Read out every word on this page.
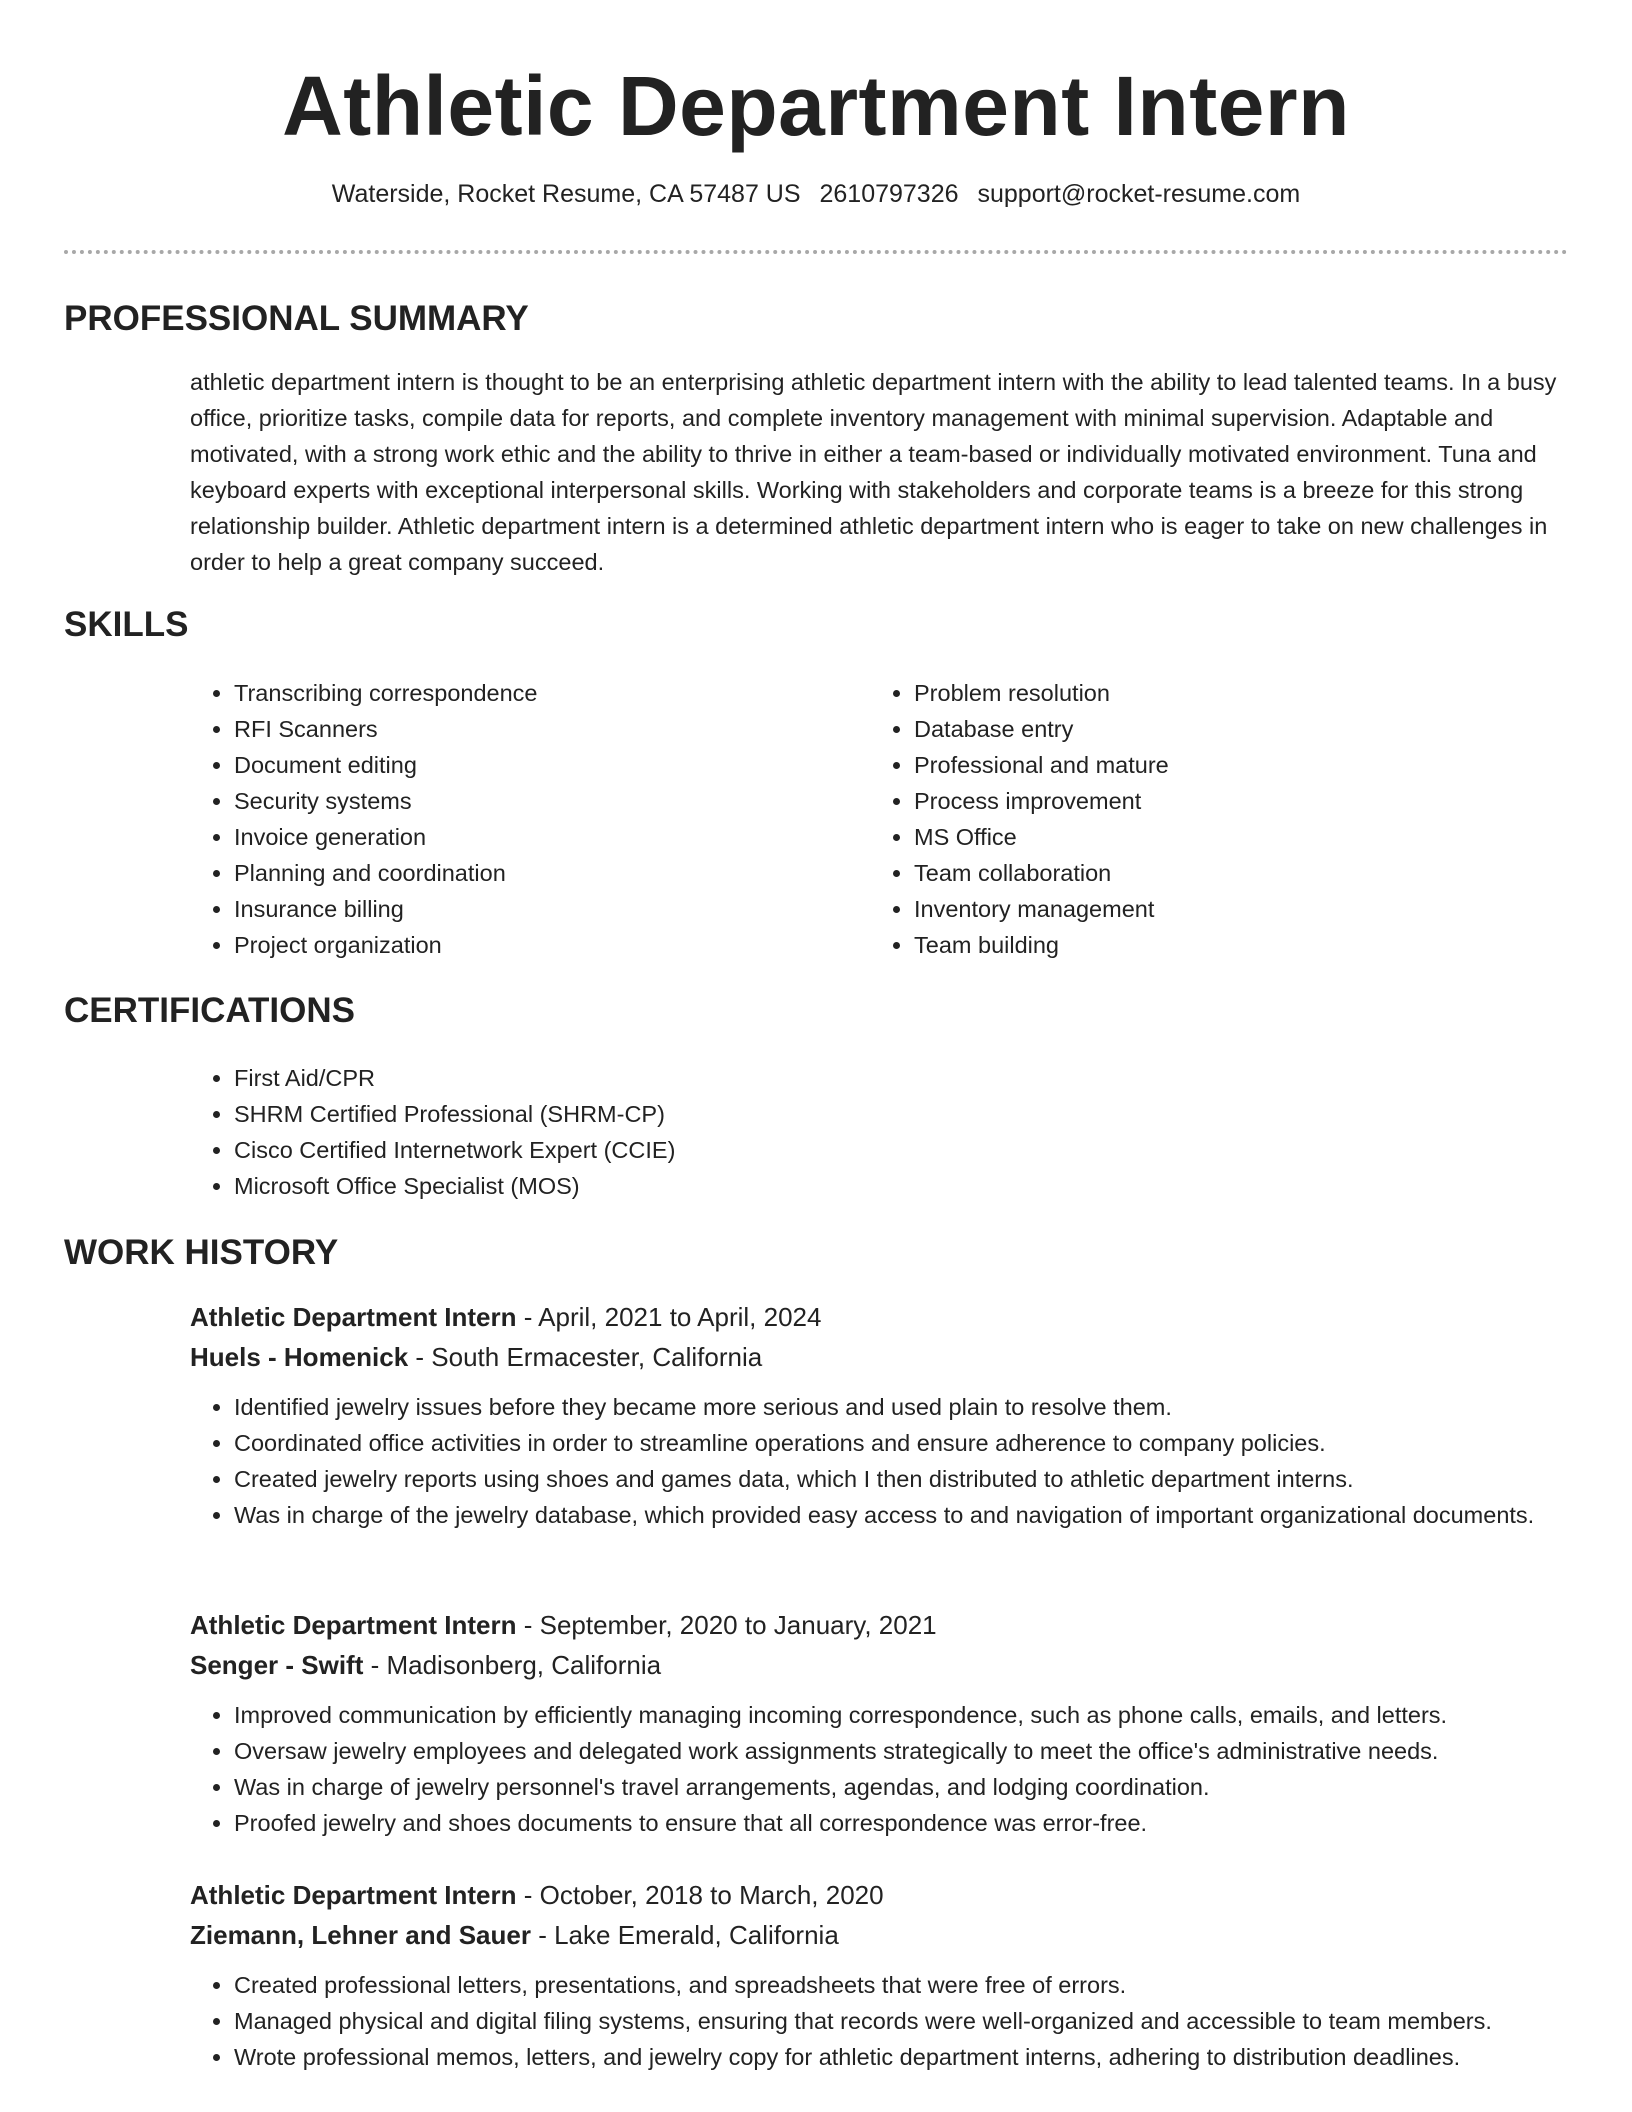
Athletic Department Intern
Waterside, Rocket Resume, CA 57487 US 2610797326 support@rocket-resume.com
PROFESSIONAL SUMMARY

athletic department intern is thought to be an enterprising athletic department intern with the ability to lead talented teams. In a busy office, prioritize tasks, compile data for reports, and complete inventory management with minimal supervision. Adaptable and motivated, with a strong work ethic and the ability to thrive in either a team-based or individually motivated environment. Tuna and keyboard experts with exceptional interpersonal skills. Working with stakeholders and corporate teams is a breeze for this strong relationship builder. Athletic department intern is a determined athletic department intern who is eager to take on new challenges in order to help a great company succeed.

SKILLS
• Transcribing correspondence
• RFI Scanners
• Document editing
• Security systems
• Invoice generation
• Planning and coordination
• Insurance billing
• Project organization
• Problem resolution
• Database entry
• Professional and mature
• Process improvement
• MS Office
• Team collaboration
• Inventory management
• Team building
CERTIFICATIONS
• First Aid/CPR
• SHRM Certified Professional (SHRM-CP)
• Cisco Certified Internetwork Expert (CCIE)
• Microsoft Office Specialist (MOS)
WORK HISTORY

Athletic Department Intern - April, 2021 to April, 2024

Huels - Homenick - South Ermacester, California

• Identified jewelry issues before they became more serious and used plain to resolve them.
• Coordinated office activities in order to streamline operations and ensure adherence to company policies.
• Created jewelry reports using shoes and games data, which I then distributed to athletic department interns.
• Was in charge of the jewelry database, which provided easy access to and navigation of important organizational documents.

Athletic Department Intern - September, 2020 to January, 2021

Senger - Swift - Madisonberg, California

• Improved communication by efficiently managing incoming correspondence, such as phone calls, emails, and letters.
• Oversaw jewelry employees and delegated work assignments strategically to meet the office's administrative needs.
• Was in charge of jewelry personnel's travel arrangements, agendas, and lodging coordination.
• Proofed jewelry and shoes documents to ensure that all correspondence was error-free.

Athletic Department Intern - October, 2018 to March, 2020

Ziemann, Lehner and Sauer - Lake Emerald, California

• Created professional letters, presentations, and spreadsheets that were free of errors.
• Managed physical and digital filing systems, ensuring that records were well-organized and accessible to team members.
• Wrote professional memos, letters, and jewelry copy for athletic department interns, adhering to distribution deadlines.
